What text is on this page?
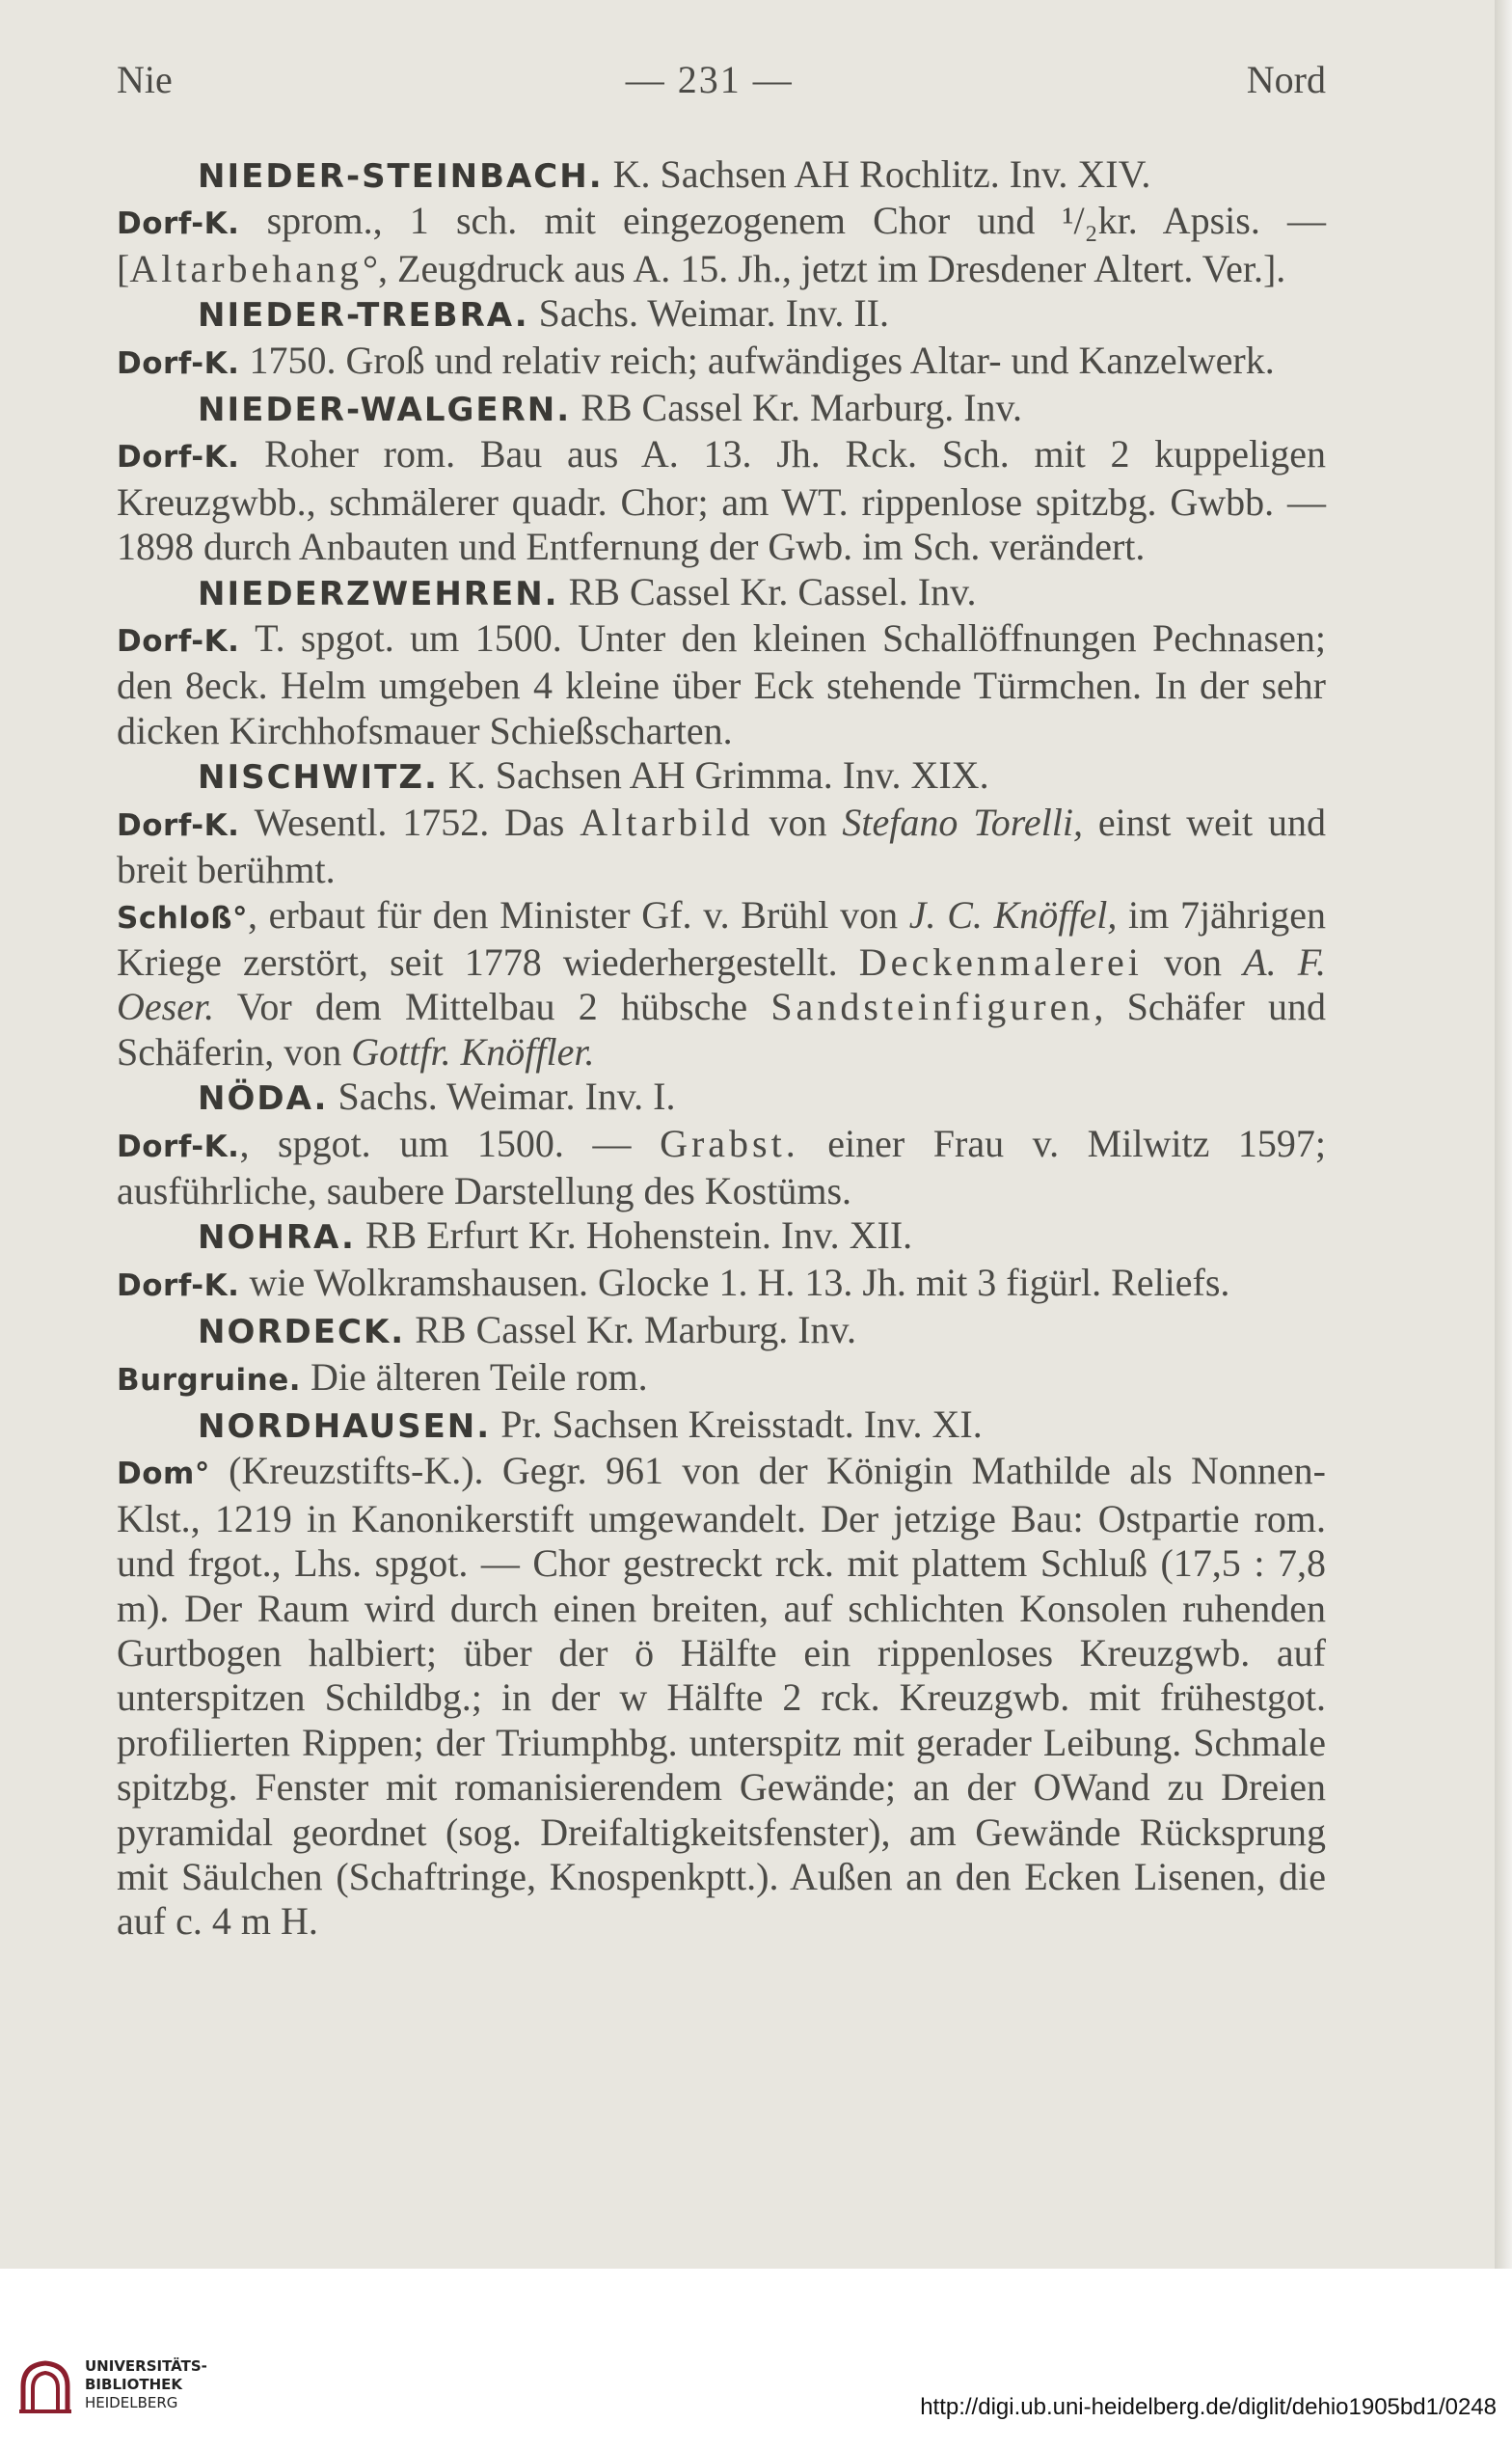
Nie	— 231 —	Nord

NIEDER-STEINBACH. K. Sachsen AH Rochlitz. Inv. XIV.

Dorf-K. sprom., 1 sch. mit eingezogenem Chor und ¹/₂kr. Apsis. — [Altarbehang°, Zeugdruck aus A. 15. Jh., jetzt im Dresdener Altert. Ver.].

NIEDER-TREBRA. Sachs. Weimar. Inv. II.

Dorf-K. 1750. Groß und relativ reich; aufwändiges Altar- und Kanzelwerk.

NIEDER-WALGERN. RB Cassel Kr. Marburg. Inv.

Dorf-K. Roher rom. Bau aus A. 13. Jh. Rck. Sch. mit 2 kuppeligen Kreuzgwbb., schmälerer quadr. Chor; am WT. rippenlose spitzbg. Gwbb. — 1898 durch Anbauten und Entfernung der Gwb. im Sch. verändert.

NIEDERZWEHREN. RB Cassel Kr. Cassel. Inv.

Dorf-K. T. spgot. um 1500. Unter den kleinen Schallöffnungen Pechnasen; den 8eck. Helm umgeben 4 kleine über Eck stehende Türmchen. In der sehr dicken Kirchhofsmauer Schießscharten.

NISCHWITZ. K. Sachsen AH Grimma. Inv. XIX.

Dorf-K. Wesentl. 1752. Das Altarbild von Stefano Torelli, einst weit und breit berühmt.

Schloß°, erbaut für den Minister Gf. v. Brühl von J. C. Knöffel, im 7jährigen Kriege zerstört, seit 1778 wiederhergestellt. Deckenmalerei von A. F. Oeser. Vor dem Mittelbau 2 hübsche Sandsteinfiguren, Schäfer und Schäferin, von Gottfr. Knöffler.

NÖDA. Sachs. Weimar. Inv. I.

Dorf-K., spgot. um 1500. — Grabst. einer Frau v. Milwitz 1597; ausführliche, saubere Darstellung des Kostüms.

NOHRA. RB Erfurt Kr. Hohenstein. Inv. XII.

Dorf-K. wie Wolkramshausen. Glocke 1. H. 13. Jh. mit 3 figürl. Reliefs.

NORDECK. RB Cassel Kr. Marburg. Inv.

Burgruine. Die älteren Teile rom.

NORDHAUSEN. Pr. Sachsen Kreisstadt. Inv. XI.

Dom° (Kreuzstifts-K.). Gegr. 961 von der Königin Mathilde als Nonnen-Klst., 1219 in Kanonikerstift umgewandelt. Der jetzige Bau: Ostpartie rom. und frgot., Lhs. spgot. — Chor gestreckt rck. mit plattem Schluß (17,5 : 7,8 m). Der Raum wird durch einen breiten, auf schlichten Konsolen ruhenden Gurtbogen halbiert; über der ö Hälfte ein rippenloses Kreuzgwb. auf unterspitzen Schildbg.; in der w Hälfte 2 rck. Kreuzgwb. mit frühestgot. profilierten Rippen; der Triumphbg. unterspitz mit gerader Leibung. Schmale spitzbg. Fenster mit romanisierendem Gewände; an der OWand zu Dreien pyramidal geordnet (sog. Dreifaltigkeitsfenster), am Gewände Rücksprung mit Säulchen (Schaftringe, Knospenkptt.). Außen an den Ecken Lisenen, die auf c. 4 m H.

UNIVERSITÄTS-
BIBLIOTHEK
HEIDELBERG	http://digi.ub.uni-heidelberg.de/diglit/dehio1905bd1/0248
